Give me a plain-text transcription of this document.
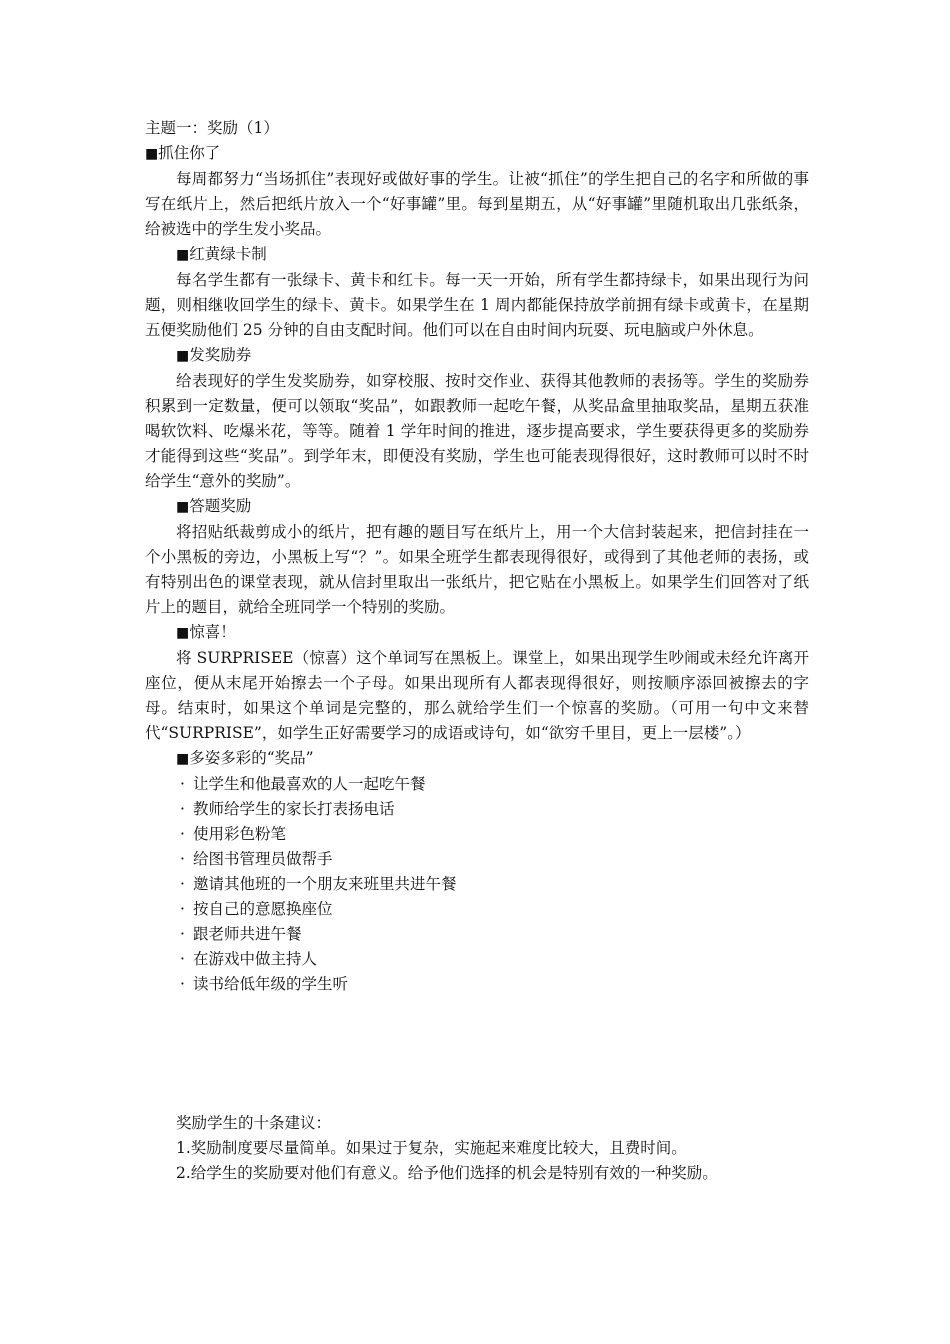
主题一：奖励（1）
■抓住你了

每周都努力“当场抓住”表现好或做好事的学生。让被“抓住”的学生把自己的名字和所做的事写在纸片上，然后把纸片放入一个“好事罐”里。每到星期五，从“好事罐”里随机取出几张纸条，给被选中的学生发小奖品。

■红黄绿卡制

每名学生都有一张绿卡、黄卡和红卡。每一天一开始，所有学生都持绿卡，如果出现行为问题，则相继收回学生的绿卡、黄卡。如果学生在 1 周内都能保持放学前拥有绿卡或黄卡，在星期五便奖励他们 25 分钟的自由支配时间。他们可以在自由时间内玩耍、玩电脑或户外休息。

■发奖励券

给表现好的学生发奖励券，如穿校服、按时交作业、获得其他教师的表扬等。学生的奖励券积累到一定数量，便可以领取“奖品”，如跟教师一起吃午餐，从奖品盒里抽取奖品，星期五获准喝软饮料、吃爆米花，等等。随着 1 学年时间的推进，逐步提高要求，学生要获得更多的奖励券才能得到这些“奖品”。到学年末，即便没有奖励，学生也可能表现得很好，这时教师可以时不时给学生“意外的奖励”。

■答题奖励

将招贴纸裁剪成小的纸片，把有趣的题目写在纸片上，用一个大信封装起来，把信封挂在一个小黑板的旁边，小黑板上写“？”。如果全班学生都表现得很好，或得到了其他老师的表扬，或有特别出色的课堂表现，就从信封里取出一张纸片，把它贴在小黑板上。如果学生们回答对了纸片上的题目，就给全班同学一个特别的奖励。

■惊喜！

将 SURPRISEE（惊喜）这个单词写在黑板上。课堂上，如果出现学生吵闹或未经允许离开座位，便从末尾开始擦去一个子母。如果出现所有人都表现得很好，则按顺序添回被擦去的字母。结束时，如果这个单词是完整的，那么就给学生们一个惊喜的奖励。（可用一句中文来替代“SURPRISE”，如学生正好需要学习的成语或诗句，如“欲穷千里目，更上一层楼”。）

■多姿多彩的“奖品”
· 让学生和他最喜欢的人一起吃午餐
· 教师给学生的家长打表扬电话
· 使用彩色粉笔
· 给图书管理员做帮手
· 邀请其他班的一个朋友来班里共进午餐
· 按自己的意愿换座位
· 跟老师共进午餐
· 在游戏中做主持人
· 读书给低年级的学生听
奖励学生的十条建议：
1.奖励制度要尽量简单。如果过于复杂，实施起来难度比较大，且费时间。
2.给学生的奖励要对他们有意义。给予他们选择的机会是特别有效的一种奖励。
